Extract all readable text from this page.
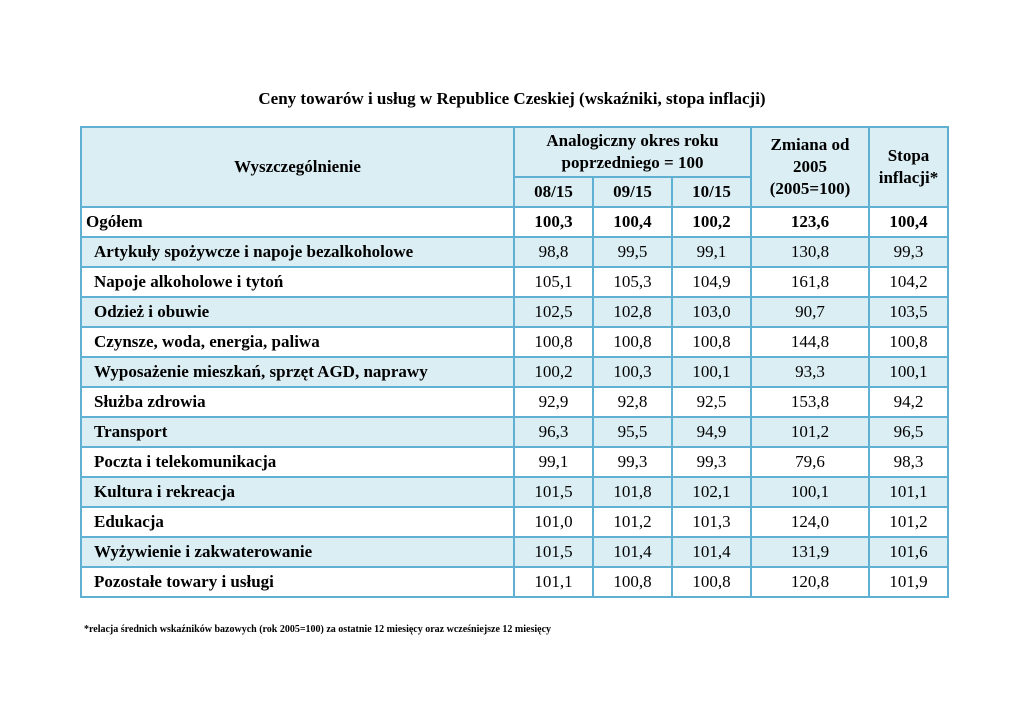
Ceny towarów i usług w Republice Czeskiej (wskaźniki, stopa inflacji)
Wyszczególnienie	Analogiczny okres roku poprzedniego = 100			Zmiana od 2005 (2005=100)	Stopa inflacji*
	08/15	09/15	10/15		
Ogółem	100,3	100,4	100,2	123,6	100,4
Artykuły spożywcze i napoje bezalkoholowe	98,8	99,5	99,1	130,8	99,3
Napoje alkoholowe i tytoń	105,1	105,3	104,9	161,8	104,2
Odzież i obuwie	102,5	102,8	103,0	90,7	103,5
Czynsze, woda, energia, paliwa	100,8	100,8	100,8	144,8	100,8
Wyposażenie mieszkań, sprzęt AGD, naprawy	100,2	100,3	100,1	93,3	100,1
Służba zdrowia	92,9	92,8	92,5	153,8	94,2
Transport	96,3	95,5	94,9	101,2	96,5
Poczta i telekomunikacja	99,1	99,3	99,3	79,6	98,3
Kultura i rekreacja	101,5	101,8	102,1	100,1	101,1
Edukacja	101,0	101,2	101,3	124,0	101,2
Wyżywienie i zakwaterowanie	101,5	101,4	101,4	131,9	101,6
Pozostałe towary i usługi	101,1	100,8	100,8	120,8	101,9
*relacja średnich wskaźników bazowych (rok 2005=100) za ostatnie 12 miesięcy oraz wcześniejsze 12 miesięcy
